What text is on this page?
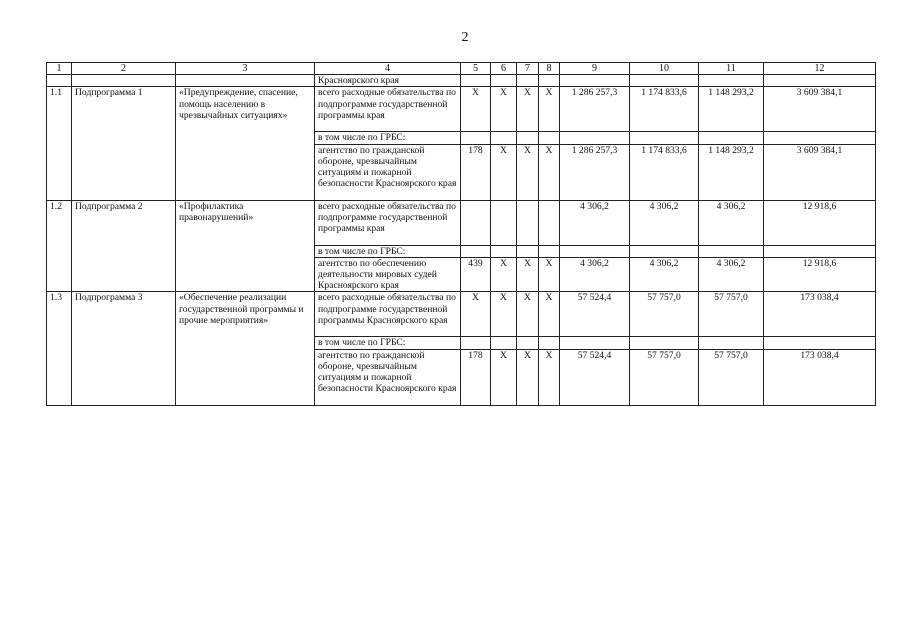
2
1	2	3	4	5	6	7	8	9	10	11	12
			Красноярского края								
1.1	Подпрограмма 1	«Предупреждение, спасение, помощь населению в чрезвычайных ситуациях»	всего расходные обязательства по подпрограмме государственной программы края	X	X	X	X	1 286 257,3	1 174 833,6	1 148 293,2	3 609 384,1
			в том числе по ГРБС:								
			агентство по гражданской обороне, чрезвычайным ситуациям и пожарной безопасности Красноярского края	178	X	X	X	1 286 257,3	1 174 833,6	1 148 293,2	3 609 384,1
1.2	Подпрограмма 2	«Профилактика правонарушений»	всего расходные обязательства по подпрограмме государственной программы края					4 306,2	4 306,2	4 306,2	12 918,6
			в том числе по ГРБС:								
			агентство по обеспечению деятельности мировых судей Красноярского края	439	X	X	X	4 306,2	4 306,2	4 306,2	12 918,6
1.3	Подпрограмма 3	«Обеспечение реализации государственной программы и прочие мероприятия»	всего расходные обязательства по подпрограмме государственной программы Красноярского края	X	X	X	X	57 524,4	57 757,0	57 757,0	173 038,4
			в том числе по ГРБС:								
			агентство по гражданской обороне, чрезвычайным ситуациям и пожарной безопасности Красноярского края	178	X	X	X	57 524,4	57 757,0	57 757,0	173 038,4
